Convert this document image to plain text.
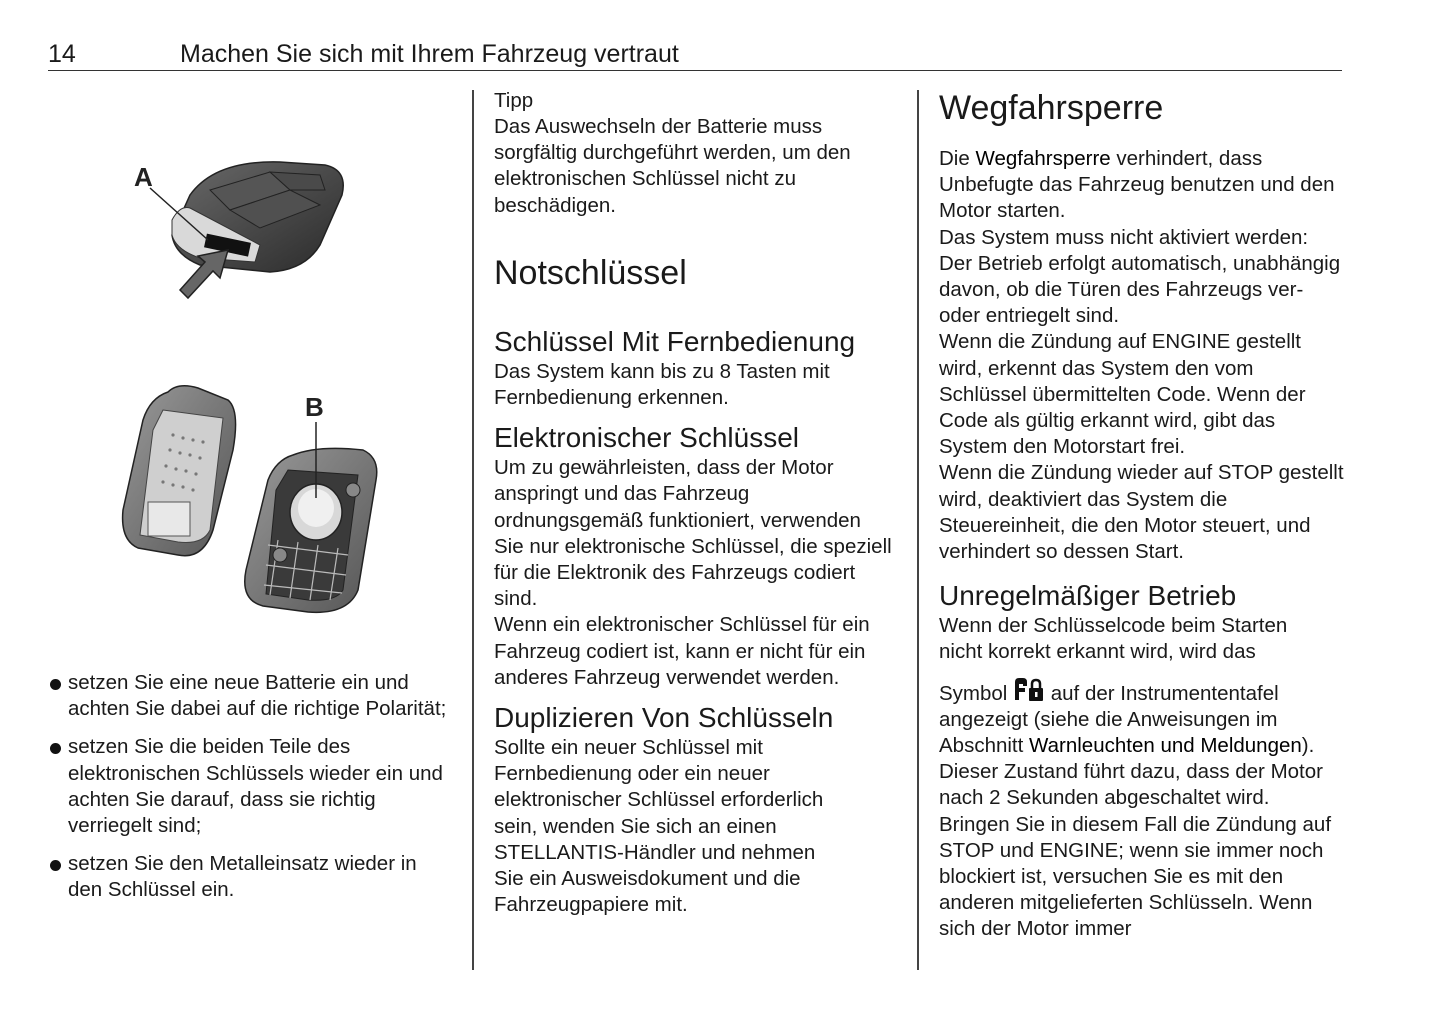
14	Machen Sie sich mit Ihrem Fahrzeug vertraut
A
B
setzen Sie eine neue Batterie ein und achten Sie dabei auf die richtige Polarität;
setzen Sie die beiden Teile des elektronischen Schlüssels wieder ein und achten Sie darauf, dass sie richtig verriegelt sind;
setzen Sie den Metalleinsatz wieder in den Schlüssel ein.
Tipp

Das Auswechseln der Batterie muss sorgfältig durchgeführt werden, um den elektronischen Schlüssel nicht zu beschädigen.

Notschlüssel
Schlüssel Mit Fernbedienung

Das System kann bis zu 8 Tasten mit Fernbedienung erkennen.

Elektronischer Schlüssel

Um zu gewährleisten, dass der Motor anspringt und das Fahrzeug ordnungsgemäß funktioniert, verwenden Sie nur elektronische Schlüssel, die speziell für die Elektronik des Fahrzeugs codiert sind.

Wenn ein elektronischer Schlüssel für ein Fahrzeug codiert ist, kann er nicht für ein anderes Fahrzeug verwendet werden.

Duplizieren Von Schlüsseln

Sollte ein neuer Schlüssel mit Fernbedienung oder ein neuer elektronischer Schlüssel erforderlich sein, wenden Sie sich an einen STELLANTIS-Händler und nehmen Sie ein Ausweisdokument und die Fahrzeugpapiere mit.

Wegfahrsperre

Die Wegfahrsperre verhindert, dass Unbefugte das Fahrzeug benutzen und den Motor starten.

Das System muss nicht aktiviert werden: Der Betrieb erfolgt automatisch, unabhängig davon, ob die Türen des Fahrzeugs ver- oder entriegelt sind.

Wenn die Zündung auf ENGINE gestellt wird, erkennt das System den vom Schlüssel übermittelten Code. Wenn der Code als gültig erkannt wird, gibt das System den Motorstart frei.

Wenn die Zündung wieder auf STOP gestellt wird, deaktiviert das System die Steuereinheit, die den Motor steuert, und verhindert so dessen Start.

Unregelmäßiger Betrieb

Wenn der Schlüsselcode beim Starten nicht korrekt erkannt wird, wird das

Symbol  auf der Instrumententafel angezeigt (siehe die Anweisungen im Abschnitt Warnleuchten und Meldungen). Dieser Zustand führt dazu, dass der Motor nach 2 Sekunden abgeschaltet wird. Bringen Sie in diesem Fall die Zündung auf STOP und ENGINE; wenn sie immer noch blockiert ist, versuchen Sie es mit den anderen mitgelieferten Schlüsseln. Wenn sich der Motor immer
